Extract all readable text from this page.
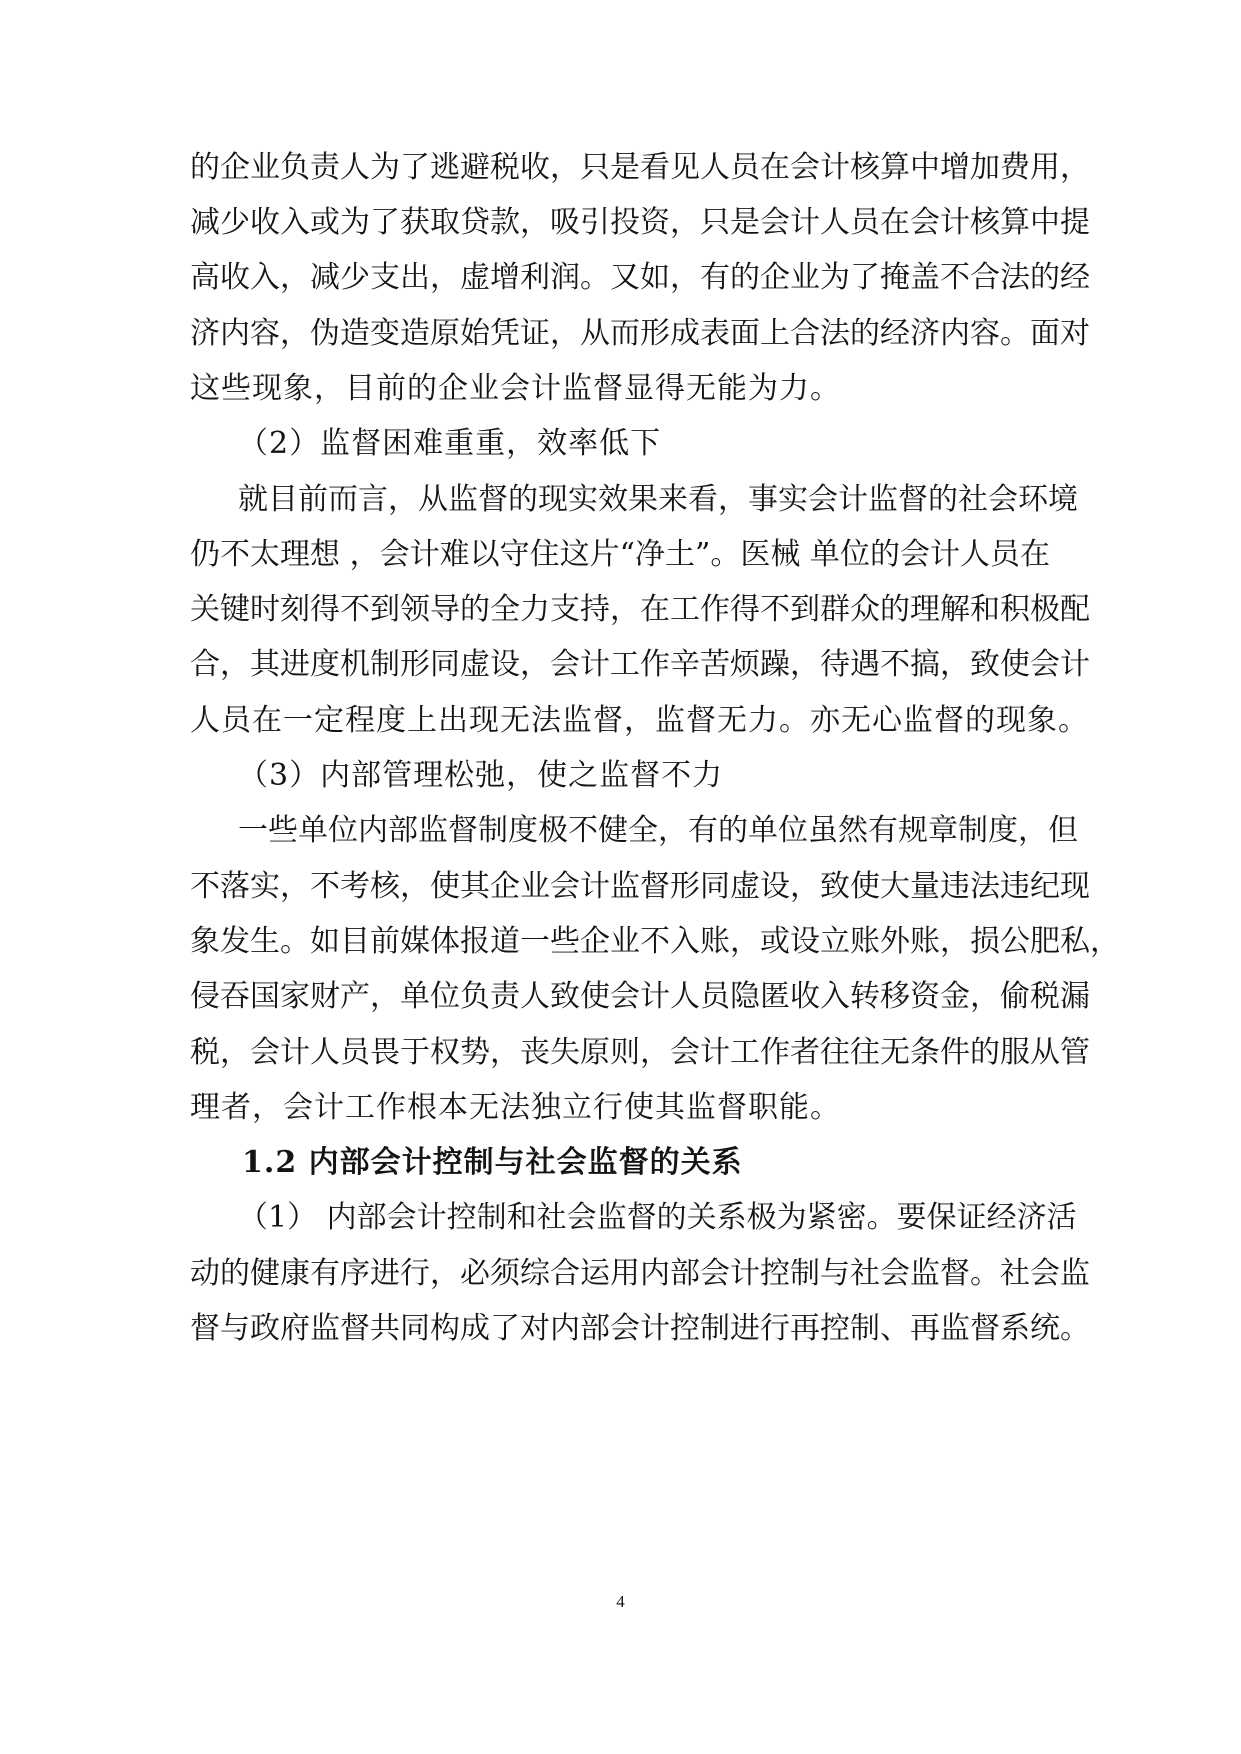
的企业负责人为了逃避税收，只是看见人员在会计核算中增加费用，
减少收入或为了获取贷款，吸引投资，只是会计人员在会计核算中提
高收入，减少支出，虚增利润。又如，有的企业为了掩盖不合法的经
济内容，伪造变造原始凭证，从而形成表面上合法的经济内容。面对
这些现象，目前的企业会计监督显得无能为力。
（2）监督困难重重，效率低下
就目前而言，从监督的现实效果来看，事实会计监督的社会环境
仍不太理想 ，会计难以守住这片“净土”。医械 单位的会计人员在
关键时刻得不到领导的全力支持，在工作得不到群众的理解和积极配
合，其进度机制形同虚设，会计工作辛苦烦躁，待遇不搞，致使会计
人员在一定程度上出现无法监督，监督无力。亦无心监督的现象。
（3）内部管理松弛，使之监督不力
一些单位内部监督制度极不健全，有的单位虽然有规章制度，但
不落实，不考核，使其企业会计监督形同虚设，致使大量违法违纪现
象发生。如目前媒体报道一些企业不入账，或设立账外账，损公肥私，
侵吞国家财产，单位负责人致使会计人员隐匿收入转移资金，偷税漏
税，会计人员畏于权势，丧失原则，会计工作者往往无条件的服从管
理者，会计工作根本无法独立行使其监督职能。
1.2 内部会计控制与社会监督的关系
（1） 内部会计控制和社会监督的关系极为紧密。要保证经济活
动的健康有序进行，必须综合运用内部会计控制与社会监督。社会监
督与政府监督共同构成了对内部会计控制进行再控制、再监督系统。
4
